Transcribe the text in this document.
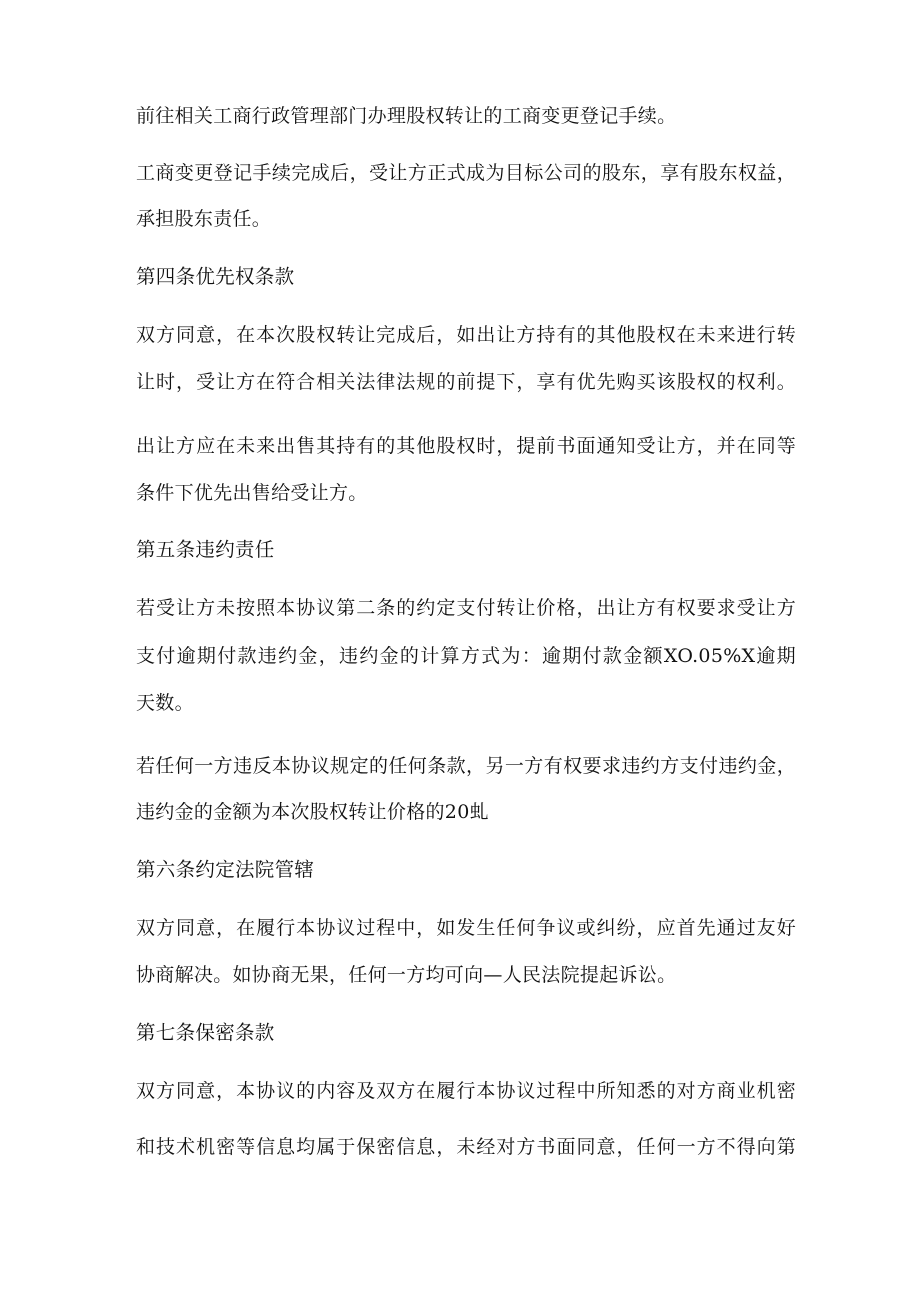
前往相关工商行政管理部门办理股权转让的工商变更登记手续。
工商变更登记手续完成后，受让方正式成为目标公司的股东，享有股东权益，
承担股东责任。
第四条优先权条款
双方同意，在本次股权转让完成后，如出让方持有的其他股权在未来进行转
让时，受让方在符合相关法律法规的前提下，享有优先购买该股权的权利。
出让方应在未来出售其持有的其他股权时，提前书面通知受让方，并在同等
条件下优先出售给受让方。
第五条违约责任
若受让方未按照本协议第二条的约定支付转让价格，出让方有权要求受让方
支付逾期付款违约金，违约金的计算方式为：逾期付款金额XO.05%X逾期
天数。
若任何一方违反本协议规定的任何条款，另一方有权要求违约方支付违约金，
违约金的金额为本次股权转让价格的20虬
第六条约定法院管辖
双方同意，在履行本协议过程中，如发生任何争议或纠纷，应首先通过友好
协商解决。如协商无果，任何一方均可向—人民法院提起诉讼。
第七条保密条款
双方同意，本协议的内容及双方在履行本协议过程中所知悉的对方商业机密
和技术机密等信息均属于保密信息，未经对方书面同意，任何一方不得向第
